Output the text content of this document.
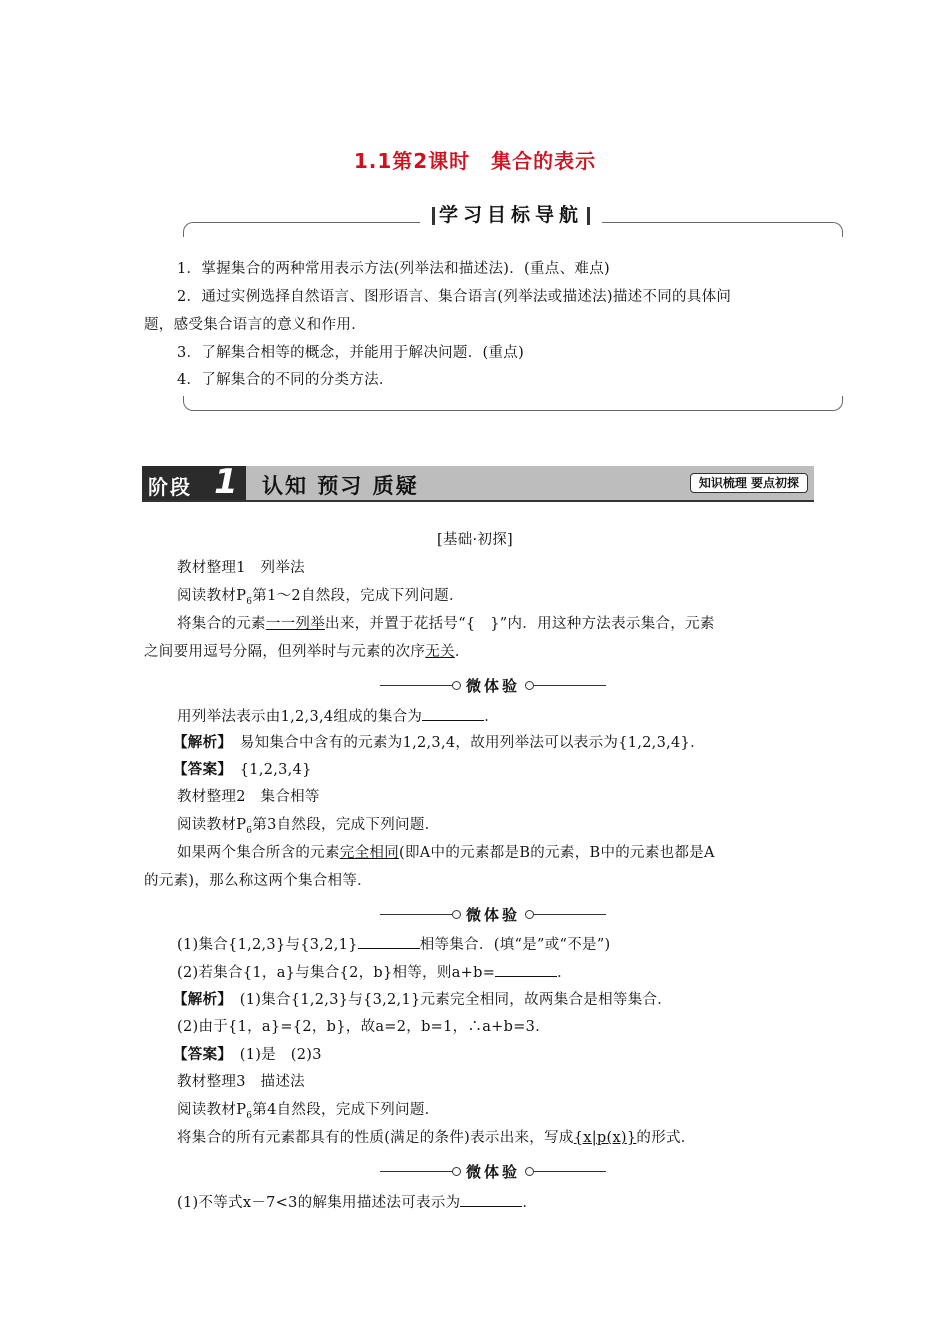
1.1第2课时　集合的表示
学习目标导航
1．掌握集合的两种常用表示方法(列举法和描述法)．(重点、难点)
2．通过实例选择自然语言、图形语言、集合语言(列举法或描述法)描述不同的具体问
题，感受集合语言的意义和作用．
3．了解集合相等的概念，并能用于解决问题．(重点)
4．了解集合的不同的分类方法．
阶段 1 认知 预习 质疑	知识梳理 要点初探
[基础·初探]
教材整理1　列举法
阅读教材$P_6$第1～2自然段，完成下列问题．
将集合的元素一一列举出来，并置于花括号“{　}”内．用这种方法表示集合，元素
之间要用逗号分隔，但列举时与元素的次序无关．
微体验
用列举法表示由1,2,3,4组成的集合为	．
【解析】　 易知集合中含有的元素为1,2,3,4，故用列举法可以表示为{1,2,3,4}．
【答案】　 {1,2,3,4}
教材整理2　集合相等
阅读教材$P_6$第3自然段，完成下列问题．
如果两个集合所含的元素完全相同(即A中的元素都是B的元素，B中的元素也都是A
的元素)，那么称这两个集合相等．
微体验
(1)集合{1,2,3}与{3,2,1}	相等集合．(填“是”或“不是”)
(2)若集合{1，a}与集合{2，b}相等，则a+b=	．
【解析】　 (1)集合{1,2,3}与{3,2,1}元素完全相同，故两集合是相等集合．
(2)由于{1，a}={2，b}，故a=2，b=1，∴a+b=3．
【答案】　 (1)是　(2)3
教材整理3　描述法
阅读教材$P_6$第4自然段，完成下列问题．
将集合的所有元素都具有的性质(满足的条件)表示出来，写成{x|p(x)}的形式．
微体验
(1)不等式x－7<3的解集用描述法可表示为	．
